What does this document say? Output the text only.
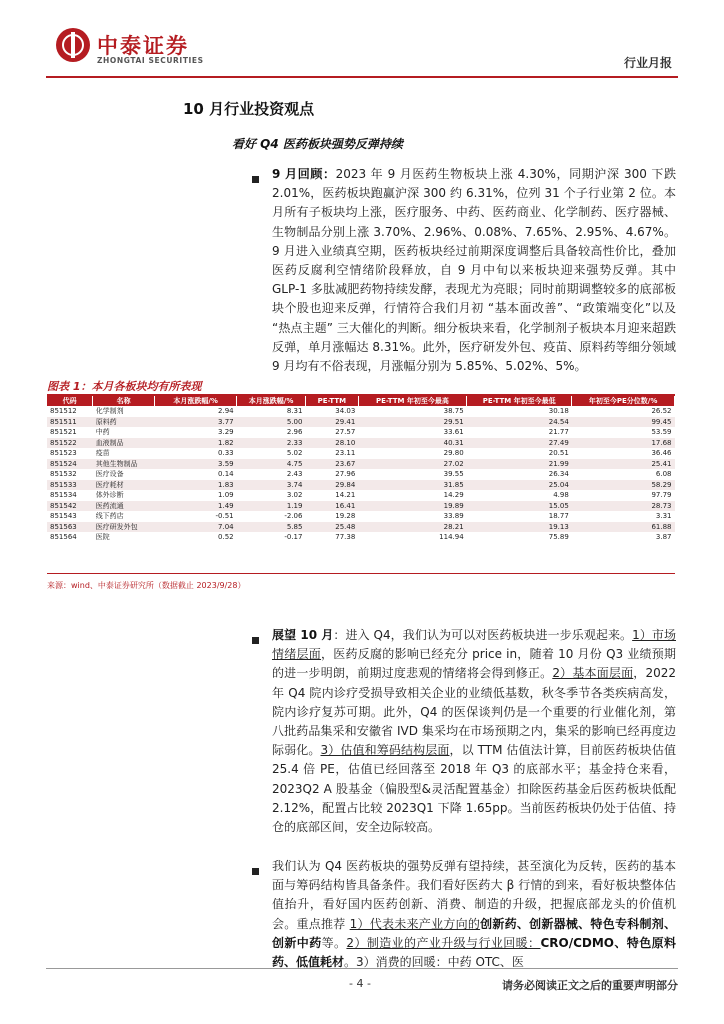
中泰证券
ZHONGTAI SECURITIES	行业月报
10 月行业投资观点
看好 Q4 医药板块强势反弹持续
9 月回顾：2023 年 9 月医药生物板块上涨 4.30%，同期沪深 300 下跌 2.01%，医药板块跑赢沪深 300 约 6.31%，位列 31 个子行业第 2 位。本月所有子板块均上涨，医疗服务、中药、医药商业、化学制药、医疗器械、生物制品分别上涨 3.70%、2.96%、0.08%、7.65%、2.95%、4.67%。9 月进入业绩真空期，医药板块经过前期深度调整后具备较高性价比，叠加医药反腐利空情绪阶段释放，自 9 月中旬以来板块迎来强势反弹。其中 GLP-1 多肽减肥药物持续发酵，表现尤为亮眼；同时前期调整较多的底部板块个股也迎来反弹，行情符合我们月初 “基本面改善”、“政策端变化”以及 “热点主题” 三大催化的判断。细分板块来看，化学制剂子板块本月迎来超跌反弹，单月涨幅达 8.31%。此外，医疗研发外包、疫苗、原料药等细分领域 9 月均有不俗表现，月涨幅分别为 5.85%、5.02%、5%。
图表 1：本月各板块均有所表现
代码	名称	本月涨跌幅/%	本月涨跌幅/%	PE-TTM	PE-TTM 年初至今最高	PE-TTM 年初至今最低	年初至今PE分位数/%
851512	化学制剂	2.94	8.31	34.03	38.75	30.18	26.52
851511	原料药	3.77	5.00	29.41	29.51	24.54	99.45
851521	中药	3.29	2.96	27.57	33.61	21.77	53.59
851522	血液制品	1.82	2.33	28.10	40.31	27.49	17.68
851523	疫苗	0.33	5.02	23.11	29.80	20.51	36.46
851524	其他生物制品	3.59	4.75	23.67	27.02	21.99	25.41
851532	医疗设备	0.14	2.43	27.96	39.55	26.34	6.08
851533	医疗耗材	1.83	3.74	29.84	31.85	25.04	58.29
851534	体外诊断	1.09	3.02	14.21	14.29	4.98	97.79
851542	医药流通	1.49	1.19	16.41	19.89	15.05	28.73
851543	线下药店	-0.51	-2.06	19.28	33.89	18.77	3.31
851563	医疗研发外包	7.04	5.85	25.48	28.21	19.13	61.88
851564	医院	0.52	-0.17	77.38	114.94	75.89	3.87
来源：wind、中泰证券研究所（数据截止 2023/9/28）
展望 10 月：进入 Q4，我们认为可以对医药板块进一步乐观起来。1）市场情绪层面，医药反腐的影响已经充分 price in，随着 10 月份 Q3 业绩预期的进一步明朗，前期过度悲观的情绪将会得到修正。2）基本面层面，2022 年 Q4 院内诊疗受损导致相关企业的业绩低基数，秋冬季节各类疾病高发，院内诊疗复苏可期。此外，Q4 的医保谈判仍是一个重要的行业催化剂，第八批药品集采和安徽省 IVD 集采均在市场预期之内，集采的影响已经再度边际弱化。3）估值和筹码结构层面，以 TTM 估值法计算，目前医药板块估值 25.4 倍 PE，估值已经回落至 2018 年 Q3 的底部水平；基金持仓来看，2023Q2 A 股基金（偏股型&灵活配置基金）扣除医药基金后医药板块低配 2.12%，配置占比较 2023Q1 下降 1.65pp。当前医药板块仍处于估值、持仓的底部区间，安全边际较高。
我们认为 Q4 医药板块的强势反弹有望持续，甚至演化为反转，医药的基本面与筹码结构皆具备条件。我们看好医药大 β 行情的到来，看好板块整体估值抬升，看好国内医药创新、消费、制造的升级，把握底部龙头的价值机会。重点推荐 1）代表未来产业方向的创新药、创新器械、特色专科制剂、创新中药等。2）制造业的产业升级与行业回暖：CRO/CDMO、特色原料药、低值耗材。3）消费的回暖：中药 OTC、医
- 4 -	请务必阅读正文之后的重要声明部分
